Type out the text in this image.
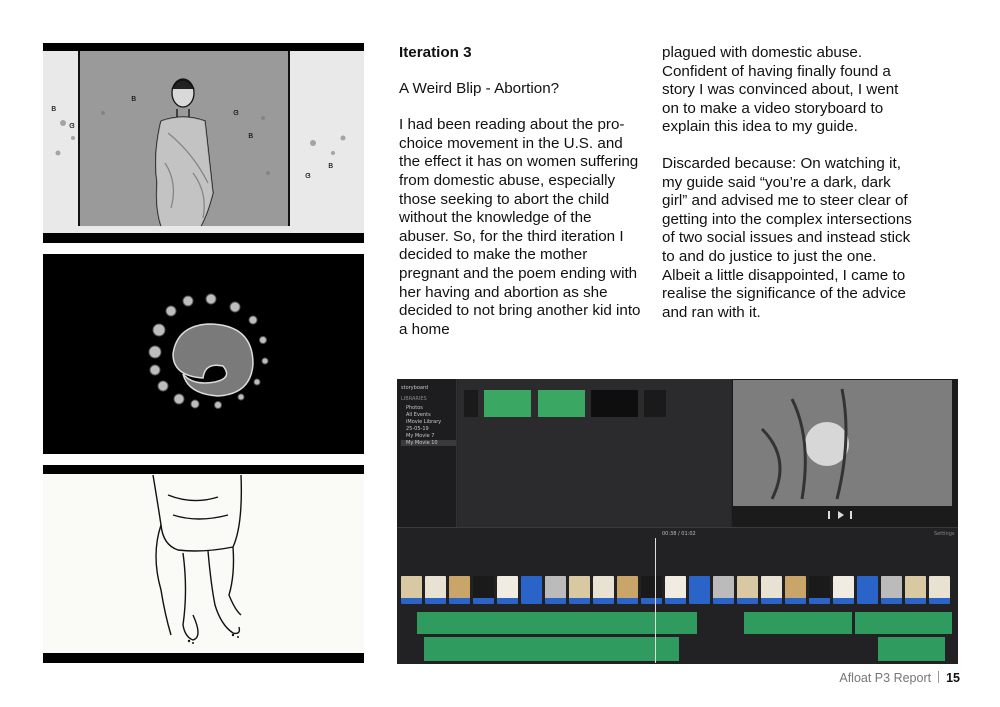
ʙ
ɞ
ʙ
ɞ
ʙ
ɞ
ʙ
Iteration 3
A Weird Blip - Abortion?
I had been reading about the pro-choice movement in the U.S. and the effect it has on women suffering from domestic abuse, especially those seeking to abort the child without the knowledge of the abuser. So, for the third iteration I decided to make the mother pregnant and the poem ending with her having and abortion as she decided to not bring another kid into a home
plagued with domestic abuse. Confident of having finally found a story I was convinced about, I went on to make a video storyboard to explain this idea to my guide.
Discarded because: On watching it, my guide said “you’re a dark, dark girl” and advised me to steer clear of getting into the complex intersections of two social issues and instead stick to and do justice to just the one. Albeit a little disappointed, I came to realise the significance of the advice and ran with it.
storyboard
LIBRARIES
Photos
All Events
iMovie Library
25-05-19
My Movie 7
My Movie 10
00:38 / 01:02	Settings
Afloat P3 Report 15
